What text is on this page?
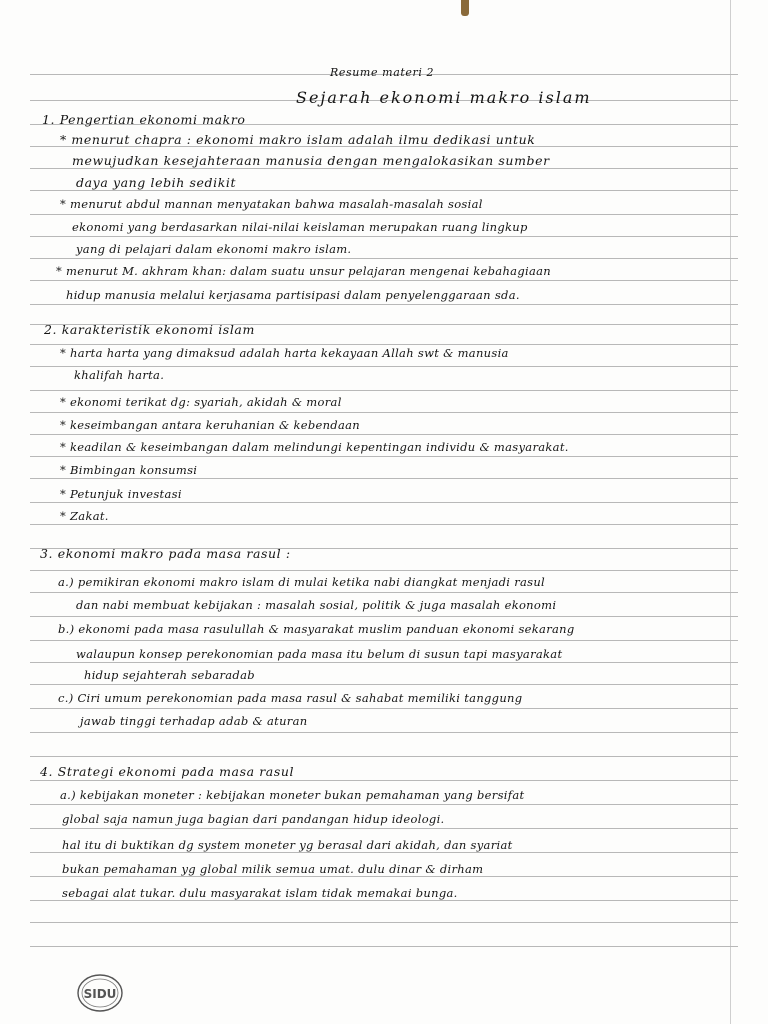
Resume materi 2
Sejarah ekonomi makro islam
1. Pengertian ekonomi makro
* menurut chapra : ekonomi makro islam adalah ilmu dedikasi untuk
mewujudkan kesejahteraan manusia dengan mengalokasikan sumber
daya yang lebih sedikit
* menurut abdul mannan menyatakan bahwa masalah-masalah sosial
ekonomi yang berdasarkan nilai-nilai keislaman merupakan ruang lingkup
yang di pelajari dalam ekonomi makro islam.
* menurut M. akhram khan: dalam suatu unsur pelajaran mengenai kebahagiaan
hidup manusia melalui kerjasama partisipasi dalam penyelenggaraan sda.
2. karakteristik ekonomi islam
* harta harta yang dimaksud adalah harta kekayaan Allah swt & manusia
khalifah harta.
* ekonomi terikat dg: syariah, akidah & moral
* keseimbangan antara keruhanian & kebendaan
* keadilan & keseimbangan dalam melindungi kepentingan individu & masyarakat.
* Bimbingan konsumsi
* Petunjuk investasi
* Zakat.
3. ekonomi makro pada masa rasul :
a.) pemikiran ekonomi makro islam di mulai ketika nabi diangkat menjadi rasul
dan nabi membuat kebijakan : masalah sosial, politik & juga masalah ekonomi
b.) ekonomi pada masa rasulullah & masyarakat muslim panduan ekonomi sekarang
walaupun konsep perekonomian pada masa itu belum di susun tapi masyarakat
hidup sejahterah sebaradab
c.) Ciri umum perekonomian pada masa rasul & sahabat memiliki tanggung
jawab tinggi terhadap adab & aturan
4. Strategi ekonomi pada masa rasul
a.) kebijakan moneter : kebijakan moneter bukan pemahaman yang bersifat
global saja namun juga bagian dari pandangan hidup ideologi.
hal itu di buktikan dg system moneter yg berasal dari akidah, dan syariat
bukan pemahaman yg global milik semua umat. dulu dinar & dirham
sebagai alat tukar. dulu masyarakat islam tidak memakai bunga.
SIDU
